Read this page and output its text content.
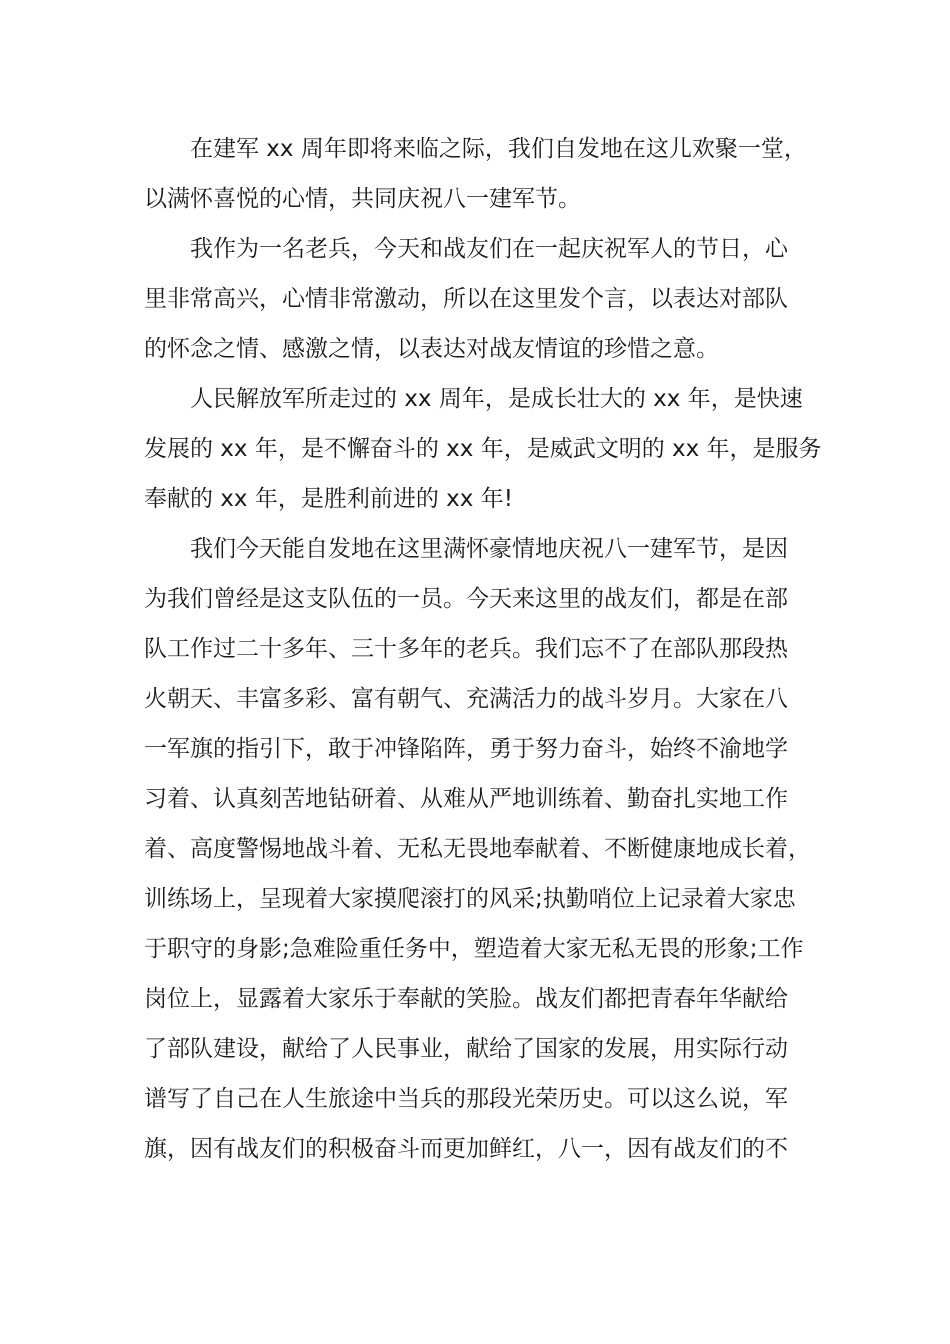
在建军 xx 周年即将来临之际，我们自发地在这儿欢聚一堂，
以满怀喜悦的心情，共同庆祝八一建军节。
我作为一名老兵，今天和战友们在一起庆祝军人的节日，心
里非常高兴，心情非常激动，所以在这里发个言，以表达对部队
的怀念之情、感激之情，以表达对战友情谊的珍惜之意。
人民解放军所走过的 xx 周年，是成长壮大的 xx 年，是快速
发展的 xx 年，是不懈奋斗的 xx 年，是威武文明的 xx 年，是服务
奉献的 xx 年，是胜利前进的 xx 年!
我们今天能自发地在这里满怀豪情地庆祝八一建军节，是因
为我们曾经是这支队伍的一员。今天来这里的战友们，都是在部
队工作过二十多年、三十多年的老兵。我们忘不了在部队那段热
火朝天、丰富多彩、富有朝气、充满活力的战斗岁月。大家在八
一军旗的指引下，敢于冲锋陷阵，勇于努力奋斗，始终不渝地学
习着、认真刻苦地钻研着、从难从严地训练着、勤奋扎实地工作
着、高度警惕地战斗着、无私无畏地奉献着、不断健康地成长着，
训练场上，呈现着大家摸爬滚打的风采;执勤哨位上记录着大家忠
于职守的身影;急难险重任务中，塑造着大家无私无畏的形象;工作
岗位上，显露着大家乐于奉献的笑脸。战友们都把青春年华献给
了部队建设，献给了人民事业，献给了国家的发展，用实际行动
谱写了自己在人生旅途中当兵的那段光荣历史。可以这么说，军
旗，因有战友们的积极奋斗而更加鲜红，八一，因有战友们的不
